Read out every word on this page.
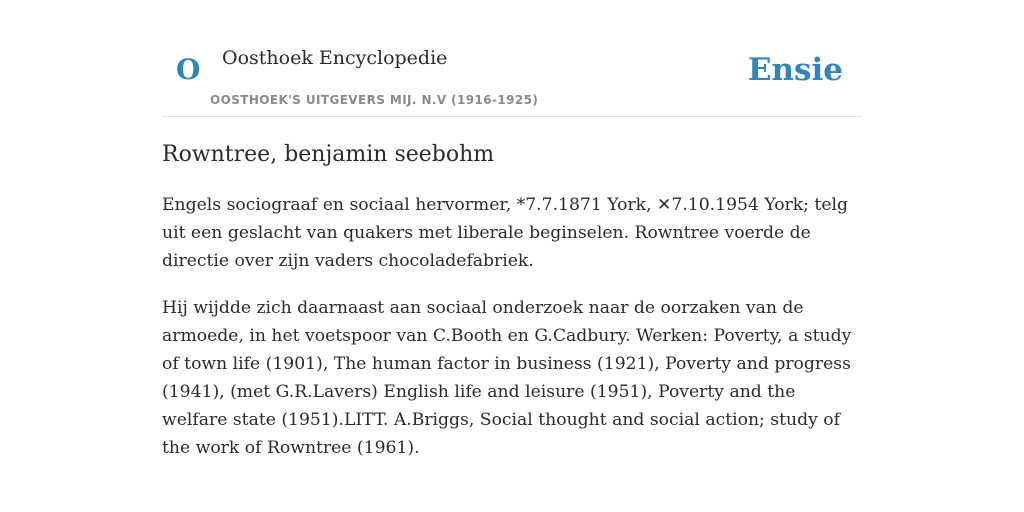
O Oosthoek Encyclopedie
OOSTHOEK'S UITGEVERS MIJ. N.V (1916-1925)
Ensie
Rowntree, benjamin seebohm

Engels sociograaf en sociaal hervormer, *7.7.1871 York, ✕7.10.1954 York; telg uit een geslacht van quakers met liberale beginselen. Rowntree voerde de directie over zijn vaders chocoladefabriek.

Hij wijdde zich daarnaast aan sociaal onderzoek naar de oorzaken van de armoede, in het voetspoor van C.Booth en G.Cadbury. Werken: Poverty, a study of town life (1901), The human factor in business (1921), Poverty and progress (1941), (met G.R.Lavers) English life and leisure (1951), Poverty and the welfare state (1951).LITT. A.Briggs, Social thought and social action; study of the work of Rowntree (1961).
